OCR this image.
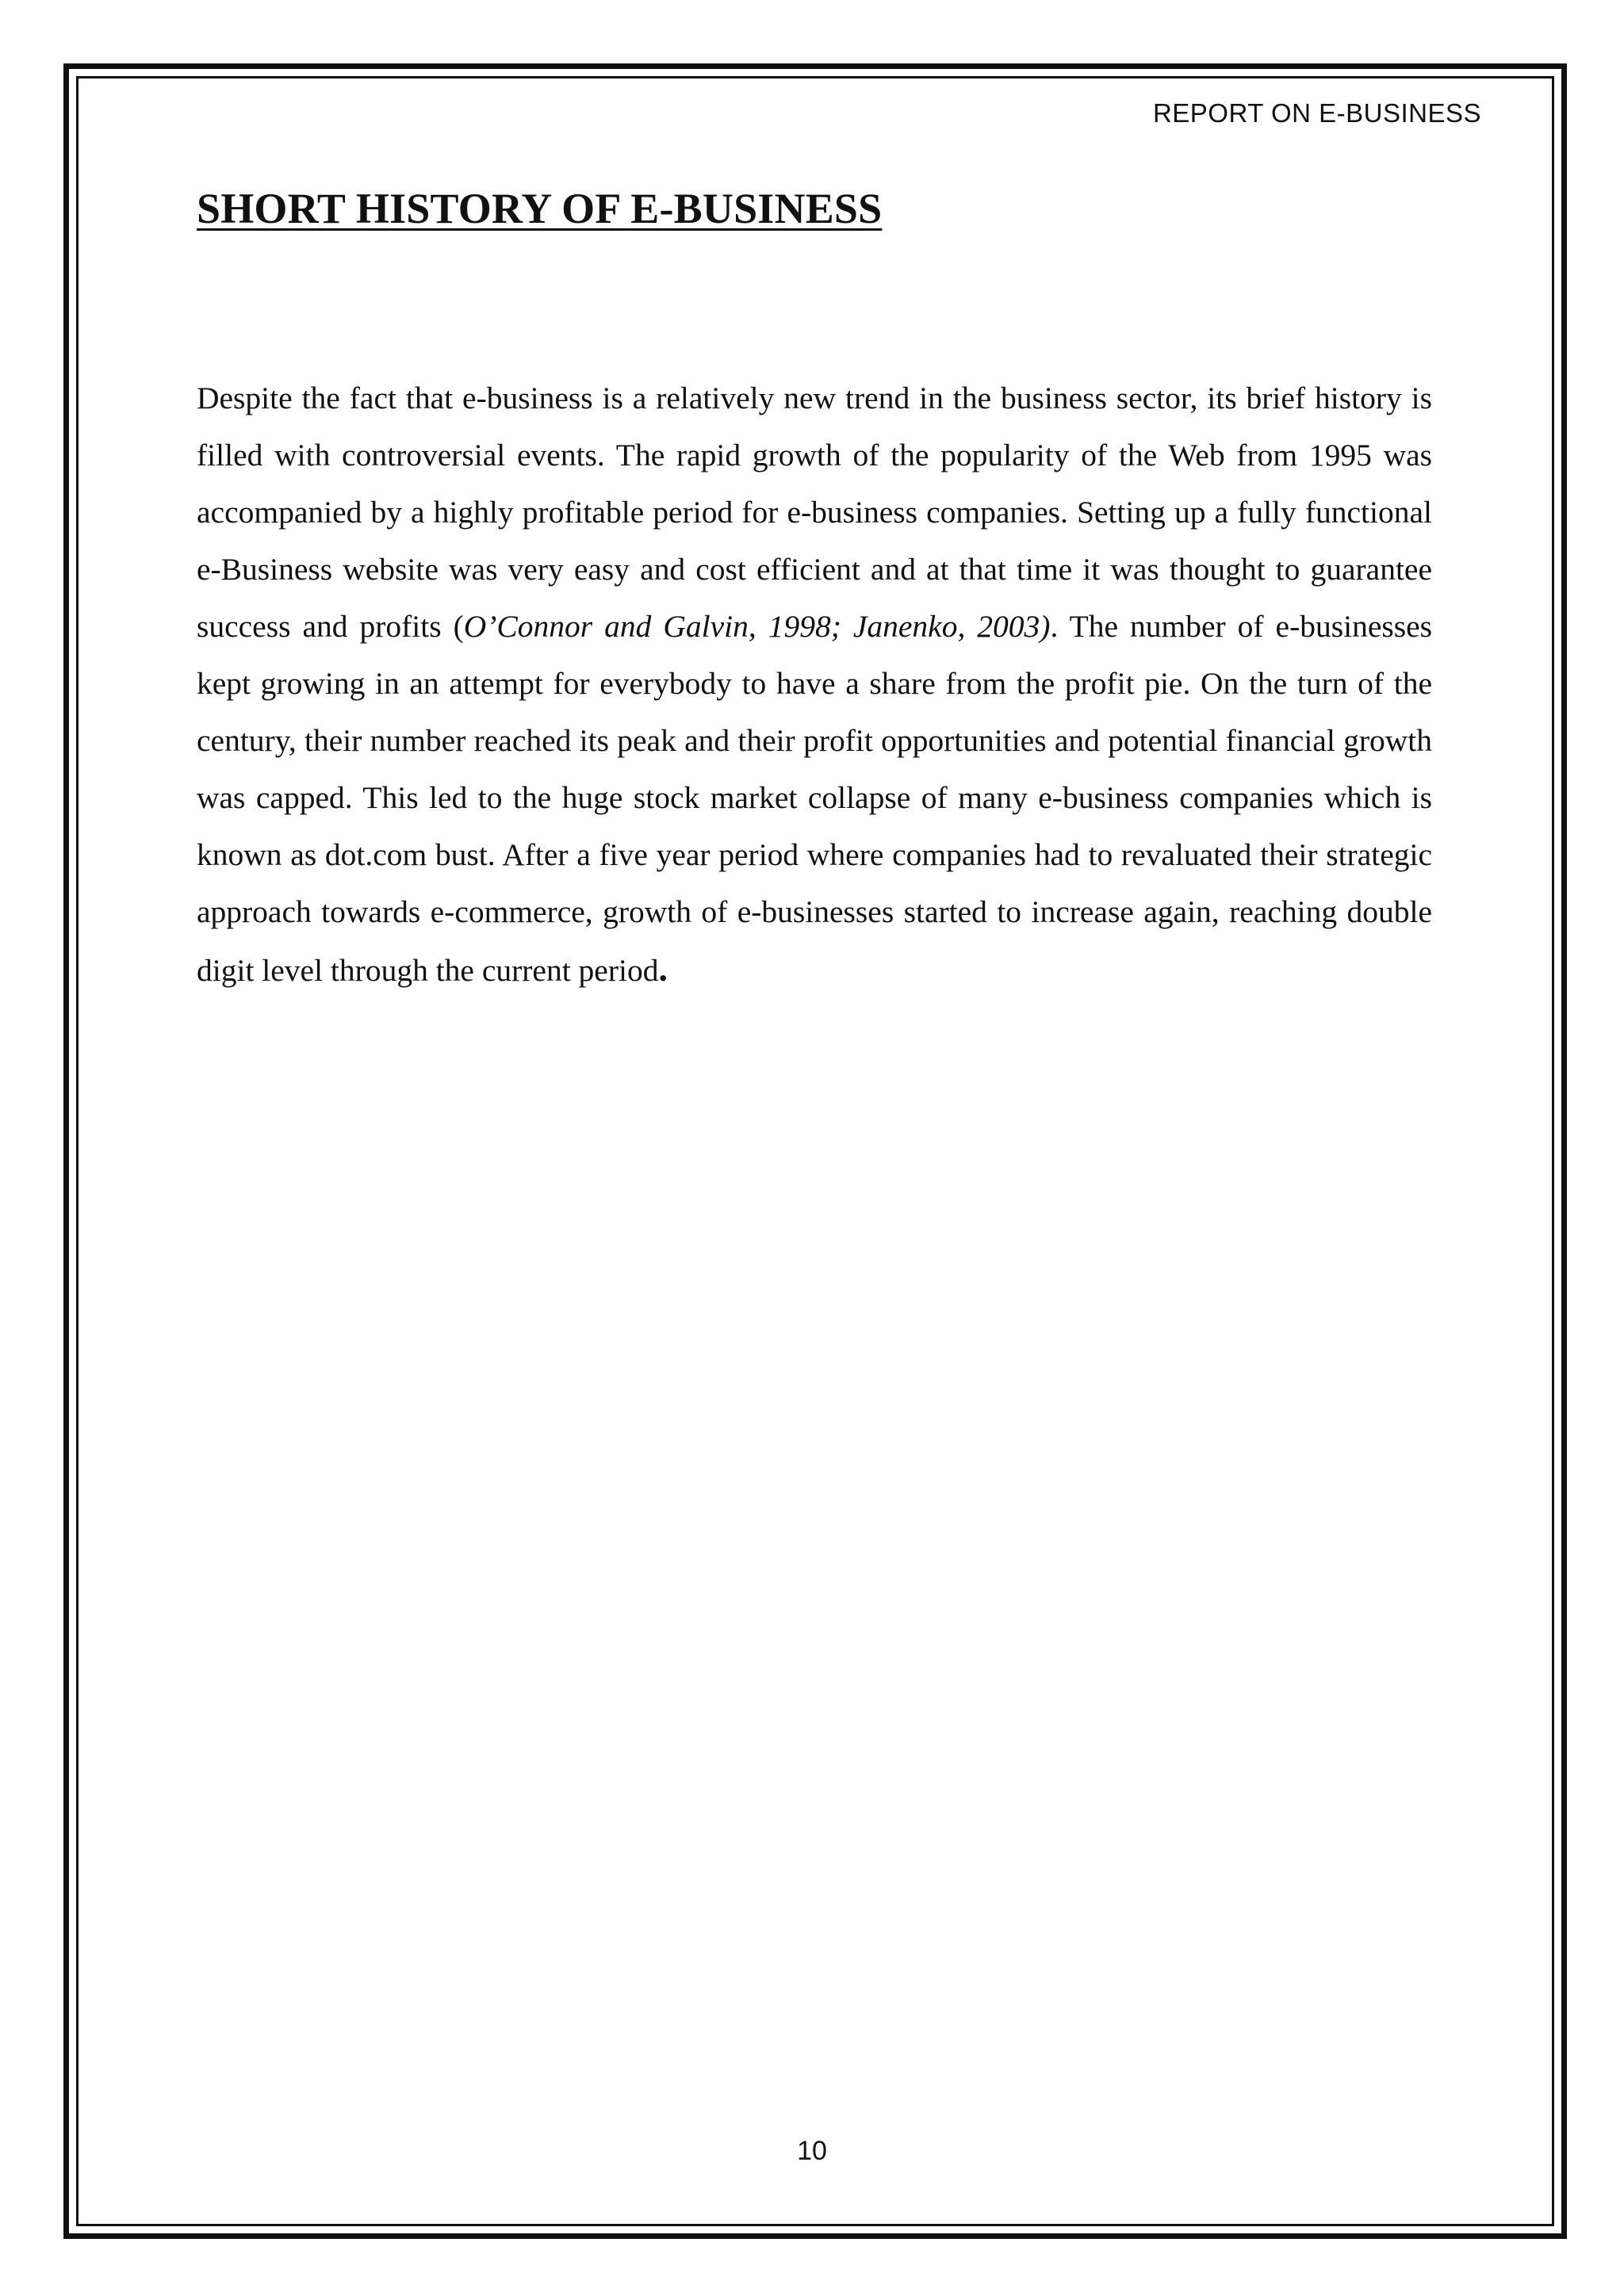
REPORT ON E-BUSINESS
SHORT HISTORY OF E-BUSINESS

Despite the fact that e-business is a relatively new trend in the business sector, its brief history is filled with controversial events. The rapid growth of the popularity of the Web from 1995 was accompanied by a highly profitable period for e-business companies. Setting up a fully functional e-Business website was very easy and cost efficient and at that time it was thought to guarantee success and profits (O’Connor and Galvin, 1998; Janenko, 2003). The number of e-businesses kept growing in an attempt for everybody to have a share from the profit pie. On the turn of the century, their number reached its peak and their profit opportunities and potential financial growth was capped. This led to the huge stock market collapse of many e-business companies which is known as dot.com bust. After a five year period where companies had to revaluated their strategic approach towards e-commerce, growth of e-businesses started to increase again, reaching double digit level through the current period.

10
